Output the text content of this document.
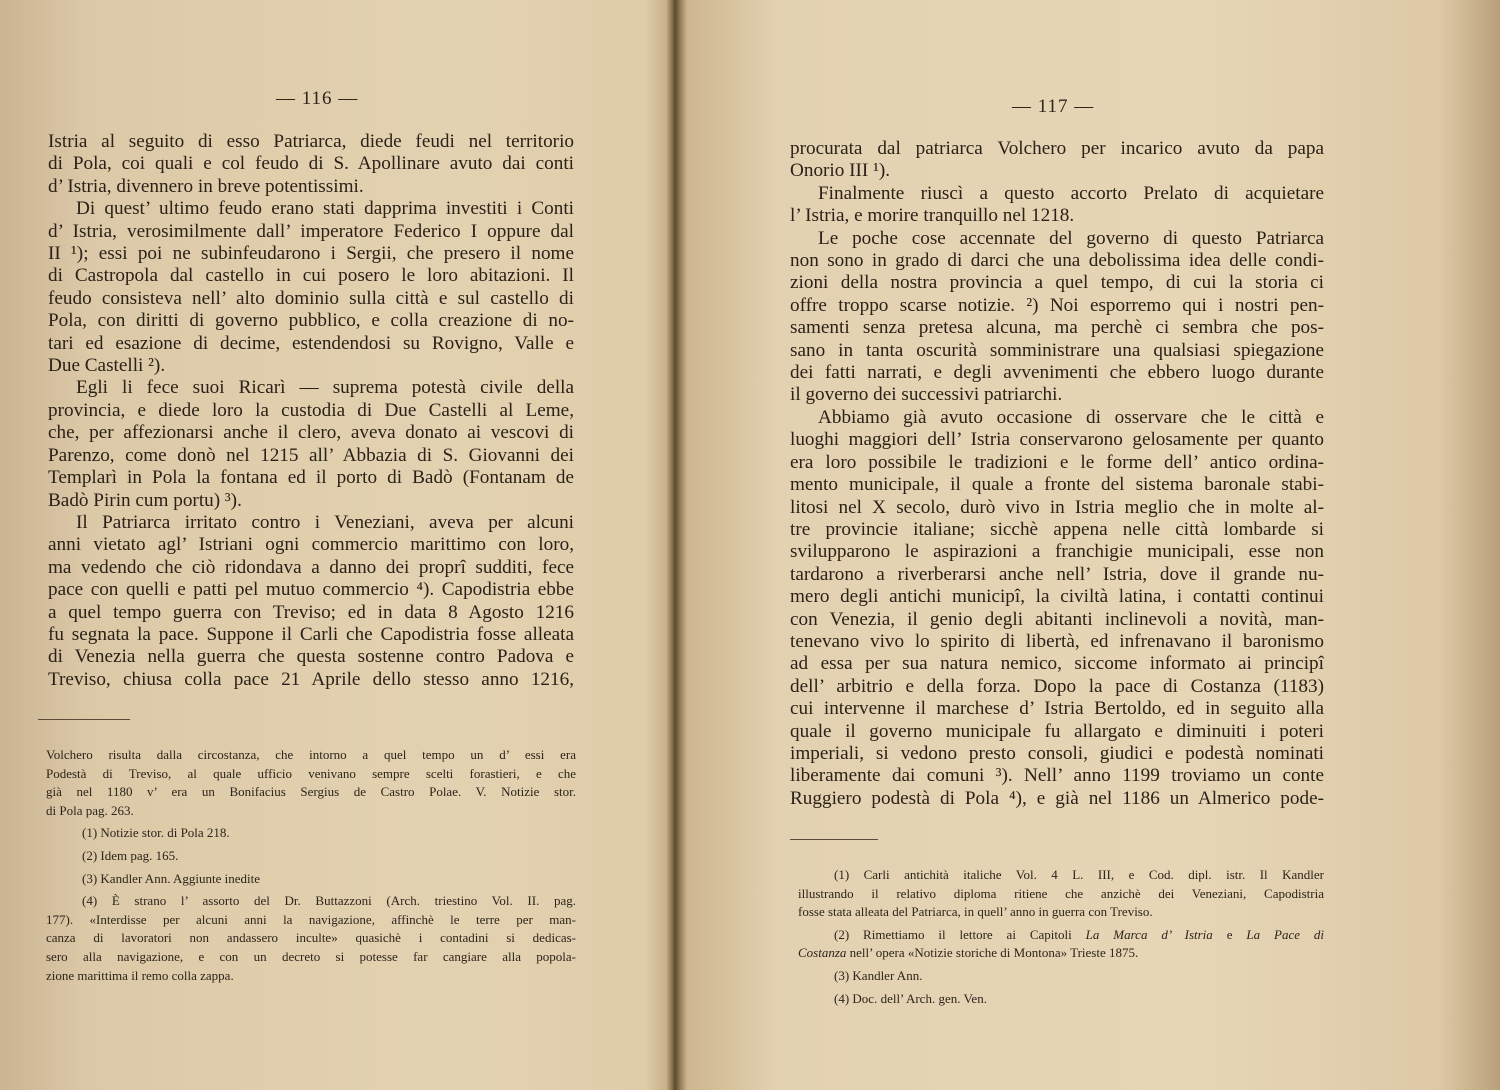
— 116 —
Istria al seguito di esso Patriarca, diede feudi nel territorio
di Pola, coi quali e col feudo di S. Apollinare avuto dai conti
d’ Istria, divennero in breve potentissimi.
Di quest’ ultimo feudo erano stati dapprima investiti i Conti
d’ Istria, verosimilmente dall’ imperatore Federico I oppure dal
II ¹); essi poi ne subinfeudarono i Sergii, che presero il nome
di Castropola dal castello in cui posero le loro abitazioni. Il
feudo consisteva nell’ alto dominio sulla città e sul castello di
Pola, con diritti di governo pubblico, e colla creazione di no-
tari ed esazione di decime, estendendosi su Rovigno, Valle e
Due Castelli ²).
Egli li fece suoi Ricarì — suprema potestà civile della
provincia, e diede loro la custodia di Due Castelli al Leme,
che, per affezionarsi anche il clero, aveva donato ai vescovi di
Parenzo, come donò nel 1215 all’ Abbazia di S. Giovanni dei
Templarì in Pola la fontana ed il porto di Badò (Fontanam de
Badò Pirin cum portu) ³).
Il Patriarca irritato contro i Veneziani, aveva per alcuni
anni vietato agl’ Istriani ogni commercio marittimo con loro,
ma vedendo che ciò ridondava a danno dei proprî sudditi, fece
pace con quelli e patti pel mutuo commercio ⁴). Capodistria ebbe
a quel tempo guerra con Treviso; ed in data 8 Agosto 1216
fu segnata la pace. Suppone il Carli che Capodistria fosse alleata
di Venezia nella guerra che questa sostenne contro Padova e
Treviso, chiusa colla pace 21 Aprile dello stesso anno 1216,
Volchero risulta dalla circostanza, che intorno a quel tempo un d’ essi era
Podestà di Treviso, al quale ufficio venivano sempre scelti forastieri, e che
già nel 1180 v’ era un Bonifacius Sergius de Castro Polae. V. Notizie stor.
di Pola pag. 263.
(1) Notizie stor. di Pola 218.
(2) Idem pag. 165.
(3) Kandler Ann. Aggiunte inedite
(4) È strano l’ assorto del Dr. Buttazzoni (Arch. triestino Vol. II. pag.
177). «Interdisse per alcuni anni la navigazione, affinchè le terre per man-
canza di lavoratori non andassero inculte» quasichè i contadini si dedicas-
sero alla navigazione, e con un decreto si potesse far cangiare alla popola-
zione marittima il remo colla zappa.
— 117 —
procurata dal patriarca Volchero per incarico avuto da papa
Onorio III ¹).
Finalmente riuscì a questo accorto Prelato di acquietare
l’ Istria, e morire tranquillo nel 1218.
Le poche cose accennate del governo di questo Patriarca
non sono in grado di darci che una debolissima idea delle condi-
zioni della nostra provincia a quel tempo, di cui la storia ci
offre troppo scarse notizie. ²) Noi esporremo qui i nostri pen-
samenti senza pretesa alcuna, ma perchè ci sembra che pos-
sano in tanta oscurità somministrare una qualsiasi spiegazione
dei fatti narrati, e degli avvenimenti che ebbero luogo durante
il governo dei successivi patriarchi.
Abbiamo già avuto occasione di osservare che le città e
luoghi maggiori dell’ Istria conservarono gelosamente per quanto
era loro possibile le tradizioni e le forme dell’ antico ordina-
mento municipale, il quale a fronte del sistema baronale stabi-
litosi nel X secolo, durò vivo in Istria meglio che in molte al-
tre provincie italiane; sicchè appena nelle città lombarde si
svilupparono le aspirazioni a franchigie municipali, esse non
tardarono a riverberarsi anche nell’ Istria, dove il grande nu-
mero degli antichi municipî, la civiltà latina, i contatti continui
con Venezia, il genio degli abitanti inclinevoli a novità, man-
tenevano vivo lo spirito di libertà, ed infrenavano il baronismo
ad essa per sua natura nemico, siccome informato ai principî
dell’ arbitrio e della forza. Dopo la pace di Costanza (1183)
cui intervenne il marchese d’ Istria Bertoldo, ed in seguito alla
quale il governo municipale fu allargato e diminuiti i poteri
imperiali, si vedono presto consoli, giudici e podestà nominati
liberamente dai comuni ³). Nell’ anno 1199 troviamo un conte
Ruggiero podestà di Pola ⁴), e già nel 1186 un Almerico pode-
(1) Carli antichità italiche Vol. 4 L. III, e Cod. dipl. istr. Il Kandler
illustrando il relativo diploma ritiene che anzichè dei Veneziani, Capodistria
fosse stata alleata del Patriarca, in quell’ anno in guerra con Treviso.
(2) Rimettiamo il lettore ai Capitoli La Marca d’ Istria e La Pace di
Costanza nell’ opera «Notizie storiche di Montona» Trieste 1875.
(3) Kandler Ann.
(4) Doc. dell’ Arch. gen. Ven.
